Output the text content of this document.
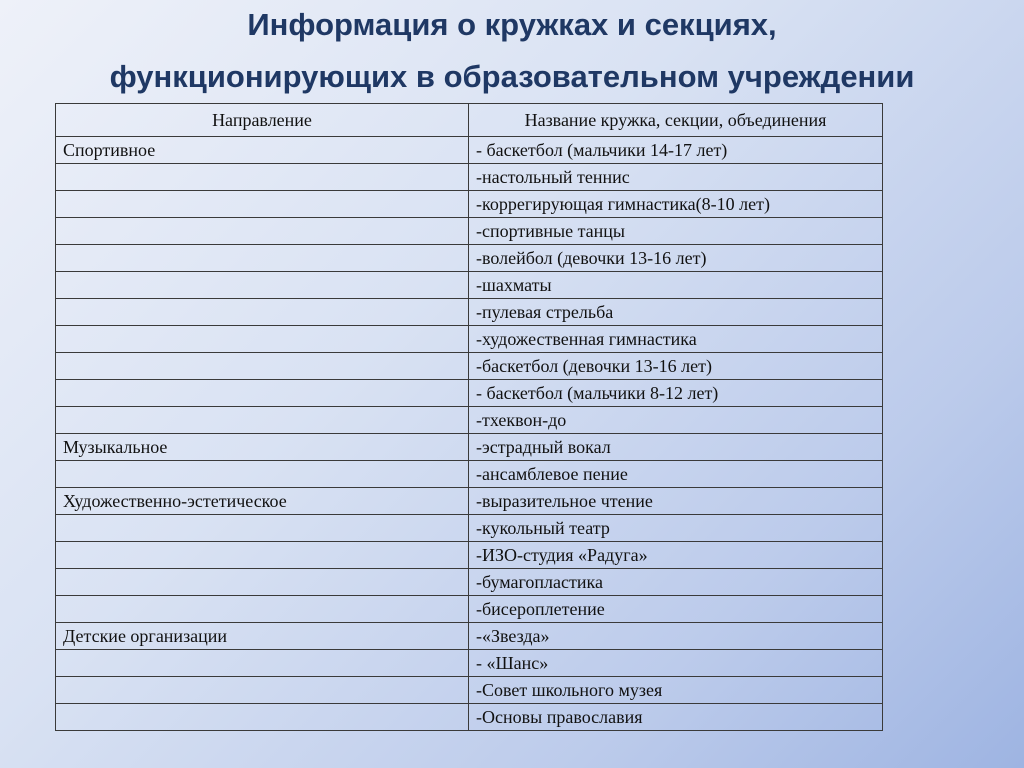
Информация о кружках и секциях,
функционирующих в образовательном учреждении
Направление	Название кружка, секции, объединения
Спортивное	- баскетбол (мальчики 14-17 лет)
	-настольный теннис
	-коррегирующая гимнастика(8-10 лет)
	-спортивные танцы
	-волейбол (девочки 13-16 лет)
	-шахматы
	-пулевая стрельба
	-художественная гимнастика
	-баскетбол (девочки 13-16 лет)
	- баскетбол (мальчики 8-12 лет)
	-тхеквон-до
Музыкальное	-эстрадный вокал
	-ансамблевое пение
Художественно-эстетическое	-выразительное чтение
	-кукольный театр
	-ИЗО-студия «Радуга»
	-бумагопластика
	-бисероплетение
Детские организации	-«Звезда»
	- «Шанс»
	-Совет школьного музея
	-Основы православия
